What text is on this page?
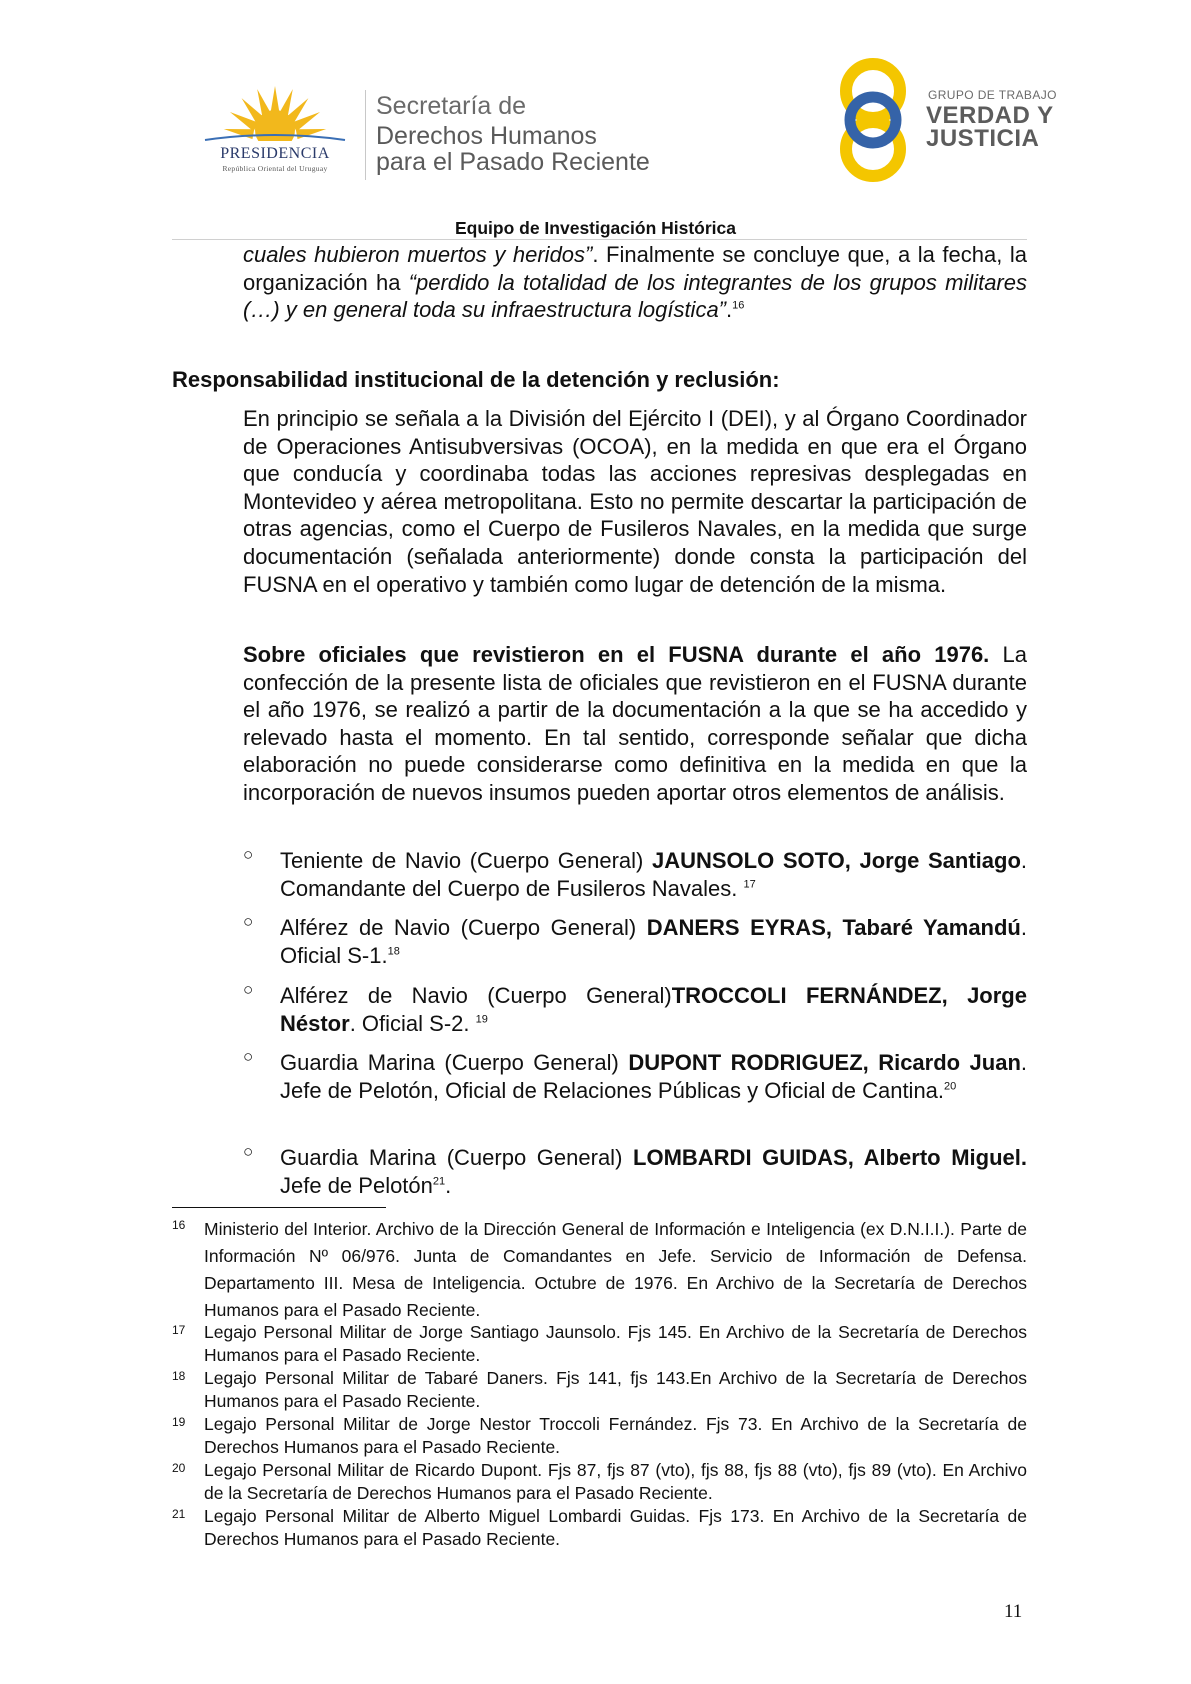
PRESIDENCIA
República Oriental del Uruguay
Secretaría de
Derechos Humanos
para el Pasado Reciente
GRUPO DE TRABAJO
VERDAD Y
JUSTICIA
Equipo de Investigación Histórica
cuales hubieron muertos y heridos”. Finalmente se concluye que, a la fecha, la organización ha “perdido la totalidad de los integrantes de los grupos militares (…) y en general toda su infraestructura logística”.$^{16}$
Responsabilidad institucional de la detención y reclusión:
En principio se señala a la División del Ejército I (DEI), y al Órgano Coordinador de Operaciones Antisubversivas (OCOA), en la medida en que era el Órgano que conducía y coordinaba todas las acciones represivas desplegadas en Montevideo y aérea metropolitana. Esto no permite descartar la participación de otras agencias, como el Cuerpo de Fusileros Navales, en la medida que surge documentación (señalada anteriormente) donde consta la participación del FUSNA en el operativo y también como lugar de detención de la misma.
Sobre oficiales que revistieron en el FUSNA durante el año 1976. La confección de la presente lista de oficiales que revistieron en el FUSNA durante el año 1976, se realizó a partir de la documentación a la que se ha accedido y relevado hasta el momento. En tal sentido, corresponde señalar que dicha elaboración no puede considerarse como definitiva en la medida en que la incorporación de nuevos insumos pueden aportar otros elementos de análisis.
○ Teniente de Navio (Cuerpo General) JAUNSOLO SOTO, Jorge Santiago. Comandante del Cuerpo de Fusileros Navales. $^{17}$
○ Alférez de Navio (Cuerpo General) DANERS EYRAS, Tabaré Yamandú. Oficial S-1.18
○ Alférez de Navio (Cuerpo General)TROCCOLI FERNÁNDEZ, Jorge Néstor. Oficial S-2. $^{19}$
○ Guardia Marina (Cuerpo General) DUPONT RODRIGUEZ, Ricardo Juan. Jefe de Pelotón, Oficial de Relaciones Públicas y Oficial de Cantina.$^{20}$
○ Guardia Marina (Cuerpo General) LOMBARDI GUIDAS, Alberto Miguel. Jefe de Pelotón$^{21}$.
16 Ministerio del Interior. Archivo de la Dirección General de Información e Inteligencia (ex D.N.I.I.). Parte de Información Nº 06/976. Junta de Comandantes en Jefe. Servicio de Información de Defensa. Departamento III. Mesa de Inteligencia. Octubre de 1976. En Archivo de la Secretaría de Derechos Humanos para el Pasado Reciente.
17 Legajo Personal Militar de Jorge Santiago Jaunsolo. Fjs 145. En Archivo de la Secretaría de Derechos Humanos para el Pasado Reciente.
18 Legajo Personal Militar de Tabaré Daners. Fjs 141, fjs 143.En Archivo de la Secretaría de Derechos Humanos para el Pasado Reciente.
19 Legajo Personal Militar de Jorge Nestor Troccoli Fernández. Fjs 73. En Archivo de la Secretaría de Derechos Humanos para el Pasado Reciente.
20 Legajo Personal Militar de Ricardo Dupont. Fjs 87, fjs 87 (vto), fjs 88, fjs 88 (vto), fjs 89 (vto). En Archivo de la Secretaría de Derechos Humanos para el Pasado Reciente.
21 Legajo Personal Militar de Alberto Miguel Lombardi Guidas. Fjs 173. En Archivo de la Secretaría de Derechos Humanos para el Pasado Reciente.
11
